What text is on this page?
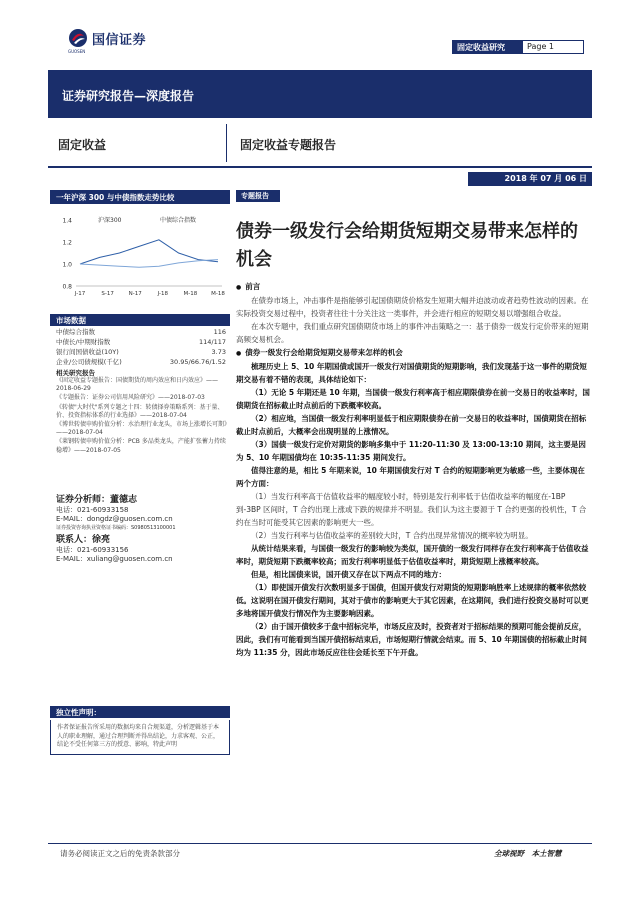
国信证券
GUOSEN	固定收益研究	Page 1
证券研究报告—深度报告
固定收益	固定收益专题报告
2018 年 07 月 06 日
一年沪深 300 与中债指数走势比较
1.4
1.2
1.0
0.8
J-17	S-17	N-17	J-18	M-18	M-18
沪深300	中债综合指数
市场数据
中债综合指数	116
中债长/中期财指数	114/117
银行间国债收益(10Y)	3.73
企业/公司债规模(千亿)	30.95/66.76/1.52
相关研究报告
《固定收益专题报告：国债期货的周内效应和日内效应》——2018-06-29
《专题报告：证券公司信用风险研究》——2018-07-03
《转债"大时代"系列专题之十四：转债择券策略系列：基于量、价、投资指标体系的行业选择》——2018-07-04
《博世转债申购价值分析：水治理行业龙头，市场上涨增长可期》——2018-07-04
《莱钢转债申购价值分析：PCB 多品类龙头，产能扩张蓄力持续稳增》——2018-07-05
证券分析师：董德志
电话：021-60933158
E-MAIL：dongdz@guosen.com.cn
证券投资咨询执业资格证书编码：S0980513100001
联系人：徐亮
电话：021-60933156
E-MAIL：xuliang@guosen.com.cn
独立性声明：
作者保证报告所采用的数据均来自合规渠道，分析逻辑基于本人的职业理解，通过合理判断并得出结论，力求客观、公正，结论不受任何第三方的授意、影响，特此声明
专题报告
债券一级发行会给期货短期交易带来怎样的机会
● 前言

在债券市场上，冲击事件是指能够引起国债期货价格发生短期大幅并迫波动或者趋势性波动的因素。在实际投资交易过程中，投资者往往十分关注这一类事件，并会进行相应的短期交易以增强组合收益。

在本次专题中，我们重点研究国债期货市场上的事件冲击策略之一：基于债券一级发行定价带来的短期高频交易机会。

● 债券一级发行会给期货短期交易带来怎样的机会

梳理历史上 5、10 年期国债或国开一级发行对国债期货的短期影响，我们发现基于这一事件的期货短期交易有着不错的表现，具体结论如下：

（1）无论 5 年期还是 10 年期，当国债一级发行利率高于相应期限债券在前一交易日的收益率时，国债期货在招标截止时点前后的下跌概率较高。

（2）相应地，当国债一级发行利率明显低于相应期限债券在前一交易日的收益率时，国债期货在招标截止时点前后，大概率会出现明显的上涨情况。

（3）国债一级发行定价对期货的影响多集中于 11:20-11:30 及 13:00-13:10 期间，这主要是因为 5、10 年期国债均在 10:35-11:35 期间发行。

值得注意的是，相比 5 年期来说，10 年期国债发行对 T 合约的短期影响更为敏感一些，主要体现在两个方面：

（1）当发行利率高于估值收益率的幅度较小时，特别是发行利率低于估值收益率的幅度在-1BP 到-3BP 区间时，T 合约出现上涨或下跌的规律并不明显。我们认为这主要源于 T 合约更强的投机性，T 合约在当时可能受其它因素的影响更大一些。

（2）当发行利率与估值收益率的差别较大时，T 合约出现异常情况的概率较为明显。

从统计结果来看，与国债一级发行的影响较为类似，国开债的一级发行同样存在发行利率高于估值收益率时，期货短期下跌概率较高；而发行利率明显低于估值收益率时，期货短期上涨概率较高。

但是，相比国债来说，国开债又存在以下两点不同的地方：

（1）即使国开债发行次数明显多于国债，但国开债发行对期货的短期影响胜率上述规律的概率依然较低。这说明在国开债发行期间，其对于债市的影响更大于其它因素，在这期间，我们进行投资交易时可以更多地将国开债发行情况作为主要影响因素。

（2）由于国开债较多于盘中招标完毕，市场反应及时，投资者对于招标结果的预期可能会提前反应，因此，我们有可能看到当国开债招标结束后，市场短期行情就会结束。而 5、10 年期国债的招标截止时间均为 11:35 分，因此市场反应往往会延长至下午开盘。

请务必阅读正文之后的免责条款部分	全球视野　本土智慧
